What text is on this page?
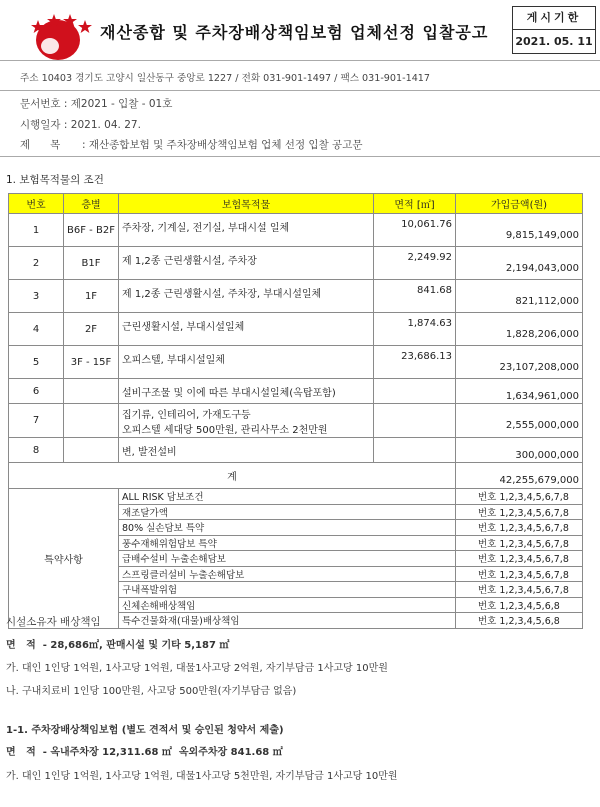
재산종합 및 주차장배상책임보험 업체선정 입찰공고
게시기한
2021. 05. 11
주소 10403 경기도 고양시 일산동구 중앙로 1227 / 전화 031-901-1497 / 팩스 031-901-1417
문서번호 : 제2021 - 입찰 - 01호
시행일자 : 2021. 04. 27.
제      목 : 재산종합보험 및 주차장배상책임보험 업체 선정 입찰 공고문
1. 보험목적물의 조건
번호	층별	보험목적물	면적 [㎡]	가입금액(원)
1	B6F - B2F	주차장, 기계실, 전기실, 부대시설 일체	10,061.76	9,815,149,000

2	B1F	제 1,2종 근린생활시설, 주차장	2,249.92	2,194,043,000

3	1F	제 1,2종 근린생활시설, 주차장, 부대시설일체	841.68	821,112,000

4	2F	근린생활시설, 부대시설일체	1,874.63	1,828,206,000

5	3F - 15F	오피스텔, 부대시설일체	23,686.13	23,107,208,000

6		설비구조물 및 이에 따른 부대시설일체(옥탑포함)		1,634,961,000

7		집기류, 인테리어, 가재도구등
오피스텔 세대당 500만원, 관리사무소 2천만원		2,555,000,000

8		변, 발전설비		300,000,000

계				42,255,679,000

특약사항		ALL RISK 담보조건		번호 1,2,3,4,5,6,7,8
		재조달가액		번호 1,2,3,4,5,6,7,8
		80% 실손담보 특약		번호 1,2,3,4,5,6,7,8
		풍수재해위험담보 특약		번호 1,2,3,4,5,6,7,8
		급배수설비 누출손해담보		번호 1,2,3,4,5,6,7,8
		스프링클러설비 누출손해담보		번호 1,2,3,4,5,6,7,8
		구내폭발위험		번호 1,2,3,4,5,6,7,8
		신체손해배상책임		번호 1,2,3,4,5,6,8
		특수건물화재(대물)배상책임		번호 1,2,3,4,5,6,8
시설소유자 배상책임
면   적  - 28,686㎡, 판매시설 및 기타 5,187 ㎡
가. 대인 1인당 1억원, 1사고당 1억원, 대물1사고당 2억원, 자기부담금 1사고당 10만원
나. 구내치료비 1인당 100만원, 사고당 500만원(자기부담금 없음)
1-1. 주차장배상책임보험 (별도 견적서 및 승인된 청약서 제출)
면   적  - 옥내주차장 12,311.68 ㎡  옥외주차장 841.68 ㎡
가. 대인 1인당 1억원, 1사고당 1억원, 대물1사고당 5천만원, 자기부담금 1사고당 10만원
